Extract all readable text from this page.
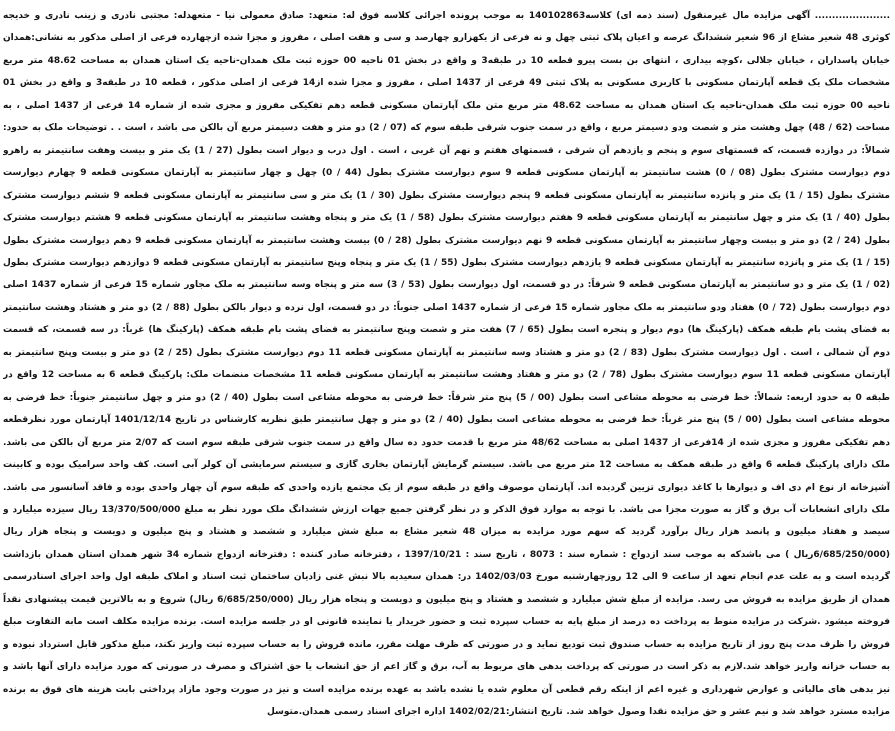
...................... آگهی مزایده مال غیرمنقول (سند ذمه ای) کلاسه140102863 به موجب پرونده اجرائی کلاسه فوق له: متعهد: صادق معمولی نیا - متعهدله: مجتبی نادری و زینب نادری و خدیجه کوثری 48 شعیر مشاع از 96 شعیر ششدانگ عرصه و اعیان پلاک ثبتی چهل و نه فرعی از یکهزارو چهارصد و سی و هفت اصلی ، مفروز و مجزا شده ازچهارده فرعی از اصلی مذکور به نشانی:همدان خیابان پاسداران ، خیابان جلالی ،کوچه بیداری ، انتهای بن بست پیرو قطعه 10 در طبقه3 و واقع در بخش 01 ناحیه 00 حوزه ثبت ملک همدان-ناحیه یک استان همدان به مساحت 48.62 متر مربع مشخصات ملک یک قطعه آپارتمان مسکونی با کاربری مسکونی به پلاک ثبتی 49 فرعی از 1437 اصلی ، مفروز و مجزا شده از14 فرعی از اصلی مذکور ، قطعه 10 در طبقه3 و واقع در بخش 01 ناحیه 00 حوزه ثبت ملک همدان-ناحیه یک استان همدان به مساحت 48.62 متر مربع متن ملک آپارتمان مسکونی قطعه دهم تفکیکی مفروز و مجزی شده از شماره 14 فرعی از 1437 اصلی ، به مساحت (62 / 48) چهل وهشت متر و شصت ودو دسیمتر مربع ، واقع در سمت جنوب شرقی طبقه سوم که (07 / 2) دو متر و هفت دسیمتر مربع آن بالکن می باشد ، است . . توضیحات ملک به حدود: شمالاً: در دوازده قسمت، که قسمتهای سوم و پنجم و یازدهم آن شرقی ، قسمتهای هفتم و نهم آن غربی ، است . اول درب و دیوار است بطول (27 / 1) یک متر و بیست وهفت سانتیمتر به راهرو دوم دیوارست مشترک بطول (08 / 0) هشت سانتیمتر به آپارتمان مسکونی قطعه 9 سوم دیوارست مشترک بطول (44 / 0) چهل و چهار سانتیمتر به آپارتمان مسکونی قطعه 9 چهارم دیوارست مشترک بطول (15 / 1) یک متر و پانزده سانتیمتر به آپارتمان مسکونی قطعه 9 پنجم دیوارست مشترک بطول (30 / 1) یک متر و سی سانتیمتر به آپارتمان مسکونی قطعه 9 ششم دیوارست مشترک بطول (40 / 1) یک متر و چهل سانتیمتر به آپارتمان مسکونی قطعه 9 هفتم دیوارست مشترک بطول (58 / 1) یک متر و پنجاه وهشت سانتیمتر به آپارتمان مسکونی قطعه 9 هشتم دیوارست مشترک بطول (24 / 2) دو متر و بیست وچهار سانتیمتر به آپارتمان مسکونی قطعه 9 نهم دیوارست مشترک بطول (28 / 0) بیست وهشت سانتیمتر به آپارتمان مسکونی قطعه 9 دهم دیوارست مشترک بطول (15 / 1) یک متر و پانزده سانتیمتر به آپارتمان مسکونی قطعه 9 یازدهم دیوارست مشترک بطول (55 / 1) یک متر و پنجاه وپنج سانتیمتر به آپارتمان مسکونی قطعه 9 دوازدهم دیوارست مشترک بطول (02 / 1) یک متر و دو سانتیمتر به آپارتمان مسکونی قطعه 9 شرقاً: در دو قسمت، اول دیوارست بطول (53 / 3) سه متر و پنجاه وسه سانتیمتر به ملک مجاور شماره 15 فرعی از شماره 1437 اصلی دوم دیوارست بطول (72 / 0) هفتاد ودو سانتیمتر به ملک مجاور شماره 15 فرعی از شماره 1437 اصلی جنوباً: در دو قسمت، اول نرده و دیوار بالکن بطول (88 / 2) دو متر و هشتاد وهشت سانتیمتر به فضای پشت بام طبقه همکف (پارکینگ ها) دوم دیوار و پنجره است بطول (65 / 7) هفت متر و شصت وپنج سانتیمتر به فضای پشت بام طبقه همکف (پارکینگ ها) غرباً: در سه قسمت، که قسمت دوم آن شمالی ، است . اول دیوارست مشترک بطول (83 / 2) دو متر و هشتاد وسه سانتیمتر به آپارتمان مسکونی قطعه 11 دوم دیوارست مشترک بطول (25 / 2) دو متر و بیست وپنج سانتیمتر به آپارتمان مسکونی قطعه 11 سوم دیوارست مشترک بطول (78 / 2) دو متر و هفتاد وهشت سانتیمتر به آپارتمان مسکونی قطعه 11 مشخصات منضمات ملک: پارکینگ قطعه 6 به مساحت 12 واقع در طبقه 0 به حدود اربعه: شمالاً: خط فرضی به محوطه مشاعی است بطول (00 / 5) پنج متر شرقاً: خط فرضی به محوطه مشاعی است بطول (40 / 2) دو متر و چهل سانتیمتر جنوباً: خط فرضی به محوطه مشاعی است بطول (00 / 5) پنج متر غرباً: خط فرضی به محوطه مشاعی است بطول (40 / 2) دو متر و چهل سانتیمتر طبق نظریه کارشناس در تاریخ 1401/12/14 آپارتمان مورد نظرقطعه دهم تفکیکی مفروز و مجزی شده از 14فرعی از 1437 اصلی به مساحت 48/62 متر مربع با قدمت حدود ده سال واقع در سمت جنوب شرقی طبقه سوم است که 2/07 متر مربع آن بالکن می باشد. ملک دارای پارکینگ قطعه 6 واقع در طبقه همکف به مساحت 12 متر مربع می باشد. سیستم گرمایش آپارتمان بخاری گازی و سیستم سرمایشی آن کولر آبی است. کف واحد سرامیک بوده و کابینت آشپزخانه از نوع ام دی اف و دیوارها با کاغذ دیواری تزیین گردیده اند. آپارتمان موصوف واقع در طبقه سوم از یک مجتمع یازده واحدی که طبقه سوم آن چهار واحدی بوده و فاقد آسانسور می باشد. ملک دارای انشعابات آب برق و گاز به صورت مجزا می باشد. با توجه به موارد فوق الذکر و در نظر گرفتن جمیع جهات ارزش ششدانگ ملک مورد نظر به مبلغ 13/370/500/000 ریال سیزده میلیارد و سیصد و هفتاد میلیون و پانصد هزار ریال برآورد گردید که سهم مورد مزایده به میزان 48 شعیر مشاع به مبلغ شش میلیارد و ششصد و هشتاد و پنج میلیون و دویست و پنجاه هزار ریال (6/685/250/000ریال ) می باشدکه به موجب سند ازدواج : شماره سند : 8073 ، تاریخ سند : 1397/10/21 ، دفترخانه صادر کننده : دفترخانه ازدواج شماره 34 شهر همدان استان همدان بازداشت گردیده است و به علت عدم انجام تعهد از ساعت 9 الی 12 روزچهارشنبه مورخ 1402/03/03 در: همدان سعیدیه بالا نبش غنی زادیان ساختمان ثبت اسناد و املاک طبقه اول واحد اجرای اسنادرسمی همدان از طریق مزایده به فروش می رسد. مزایده از مبلغ شش میلیارد و ششصد و هشتاد و پنج میلیون و دویست و پنجاه هزار ریال (6/685/250/000 ریال) شروع و به بالاترین قیمت پیشنهادی نقداً فروخته میشود .شرکت در مزایده منوط به پرداخت ده درصد از مبلغ پایه به حساب سپرده ثبت و حضور خریدار یا نماینده قانونی او در جلسه مزایده است. برنده مزایده مکلف است مابه التفاوت مبلغ فروش را ظرف مدت پنج روز از تاریخ مزایده به حساب صندوق ثبت تودیع نماید و در صورتی که ظرف مهلت مقرر، مانده فروش را به حساب سپرده ثبت واریز نکند، مبلغ مذکور قابل استرداد نبوده و به حساب خزانه واریز خواهد شد.لازم به ذکر است در صورتی که پرداخت بدهی های مربوط به آب، برق و گاز اعم از حق انشعاب یا حق اشتراک و مصرف در صورتی که مورد مزایده دارای آنها باشد و نیز بدهی های مالیاتی و عوارض شهرداری و غیره اعم از اینکه رقم قطعی آن معلوم شده یا نشده باشد به عهده برنده مزایده است و نیز در صورت وجود مازاد پرداختی بابت هزینه های فوق به برنده مزایده مسترد خواهد شد و نیم عشر و حق مزایده نقدا وصول خواهد شد. تاریخ انتشار:1402/02/21 اداره اجرای اسناد رسمی همدان.متوسل
